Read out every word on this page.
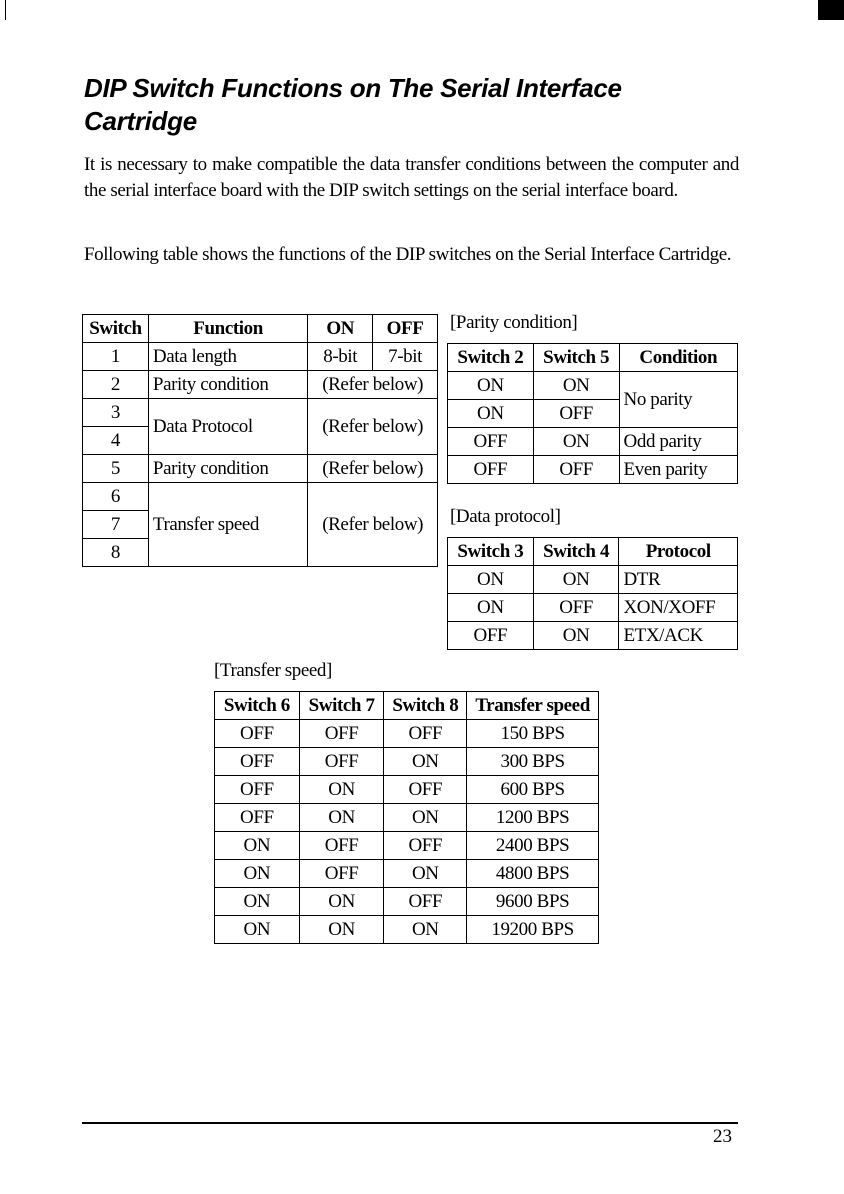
DIP Switch Functions on The Serial Interface Cartridge

It is necessary to make compatible the data transfer conditions between the computer and the serial interface board with the DIP switch settings on the serial interface board.

Following table shows the functions of the DIP switches on the Serial Interface Cartridge.

Switch	Function	ON	OFF
1	Data length	8-bit	7-bit
2	Parity condition	(Refer below)	
3	Data Protocol	(Refer below)	
4			
5	Parity condition	(Refer below)	
6	Transfer speed	(Refer below)	
7			
8			
[Parity condition]
Switch 2	Switch 5	Condition
ON	ON	No parity
ON	OFF	
OFF	ON	Odd parity
OFF	OFF	Even parity
[Data protocol]
Switch 3	Switch 4	Protocol
ON	ON	DTR
ON	OFF	XON/XOFF
OFF	ON	ETX/ACK
[Transfer speed]
Switch 6	Switch 7	Switch 8	Transfer speed
OFF	OFF	OFF	150 BPS
OFF	OFF	ON	300 BPS
OFF	ON	OFF	600 BPS
OFF	ON	ON	1200 BPS
ON	OFF	OFF	2400 BPS
ON	OFF	ON	4800 BPS
ON	ON	OFF	9600 BPS
ON	ON	ON	19200 BPS
23
